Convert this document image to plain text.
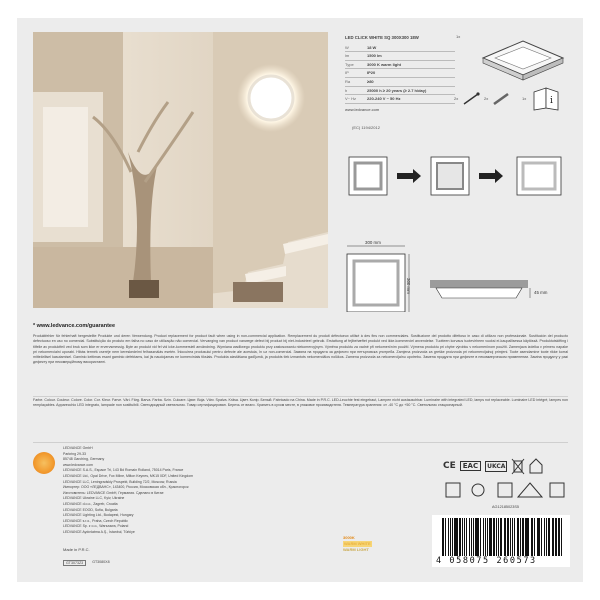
LED CLICK WHITE SQ 300X300 18W
W	18 W
lm	1500 lm
Type	3000 K warm light
IP	IP20
Ra	≥80
h	25000 h ≥ 20 years (≥ 2.7 h/day)
V~ Hz	220-240 V ~ 50 Hz
www.ledvance.com
(EC) 1194/2012
1x
2x	2x	1x	i
300 mm
300 mm	45 mm
* www.ledvance.com/guarantee
Produktfehler für fehlerhaft hergestellte Produkte und deren Verwendung. Product replacement for product fault when using in non-commercial application. Remplacement du produit défectueux utilisé à des fins non commerciales. Sostituzione del prodotto difettoso in caso di utilizzo non professionale. Sustitución del producto defectuoso en uso no comercial. Substituição do produto em falha no caso de utilização não comercial. Vervanging van product vanwege defect bij product bij niet-industrieel gebruik. Erstattung af fejlbehæftet produkt ved ikke-kommerciel anvendelse. Tuotteen korvaus tuotevirheen vuoksi ei-kaupallisessa käytössä. Produktutskifting i tilfelle av produktfeil ved bruk som ikke er ervervsmessig. Byte av produkt vid fel vid icke-kommersiell användning. Wymiana wadliwego produktu przy zastosowaniu niekomercyjnym. Výměna produktu za vadné při nekomerčním použití. Výmena produktu pri chybe výrobku v nekomerčnom použití. Zamenjava izdelka v primeru napake pri nekomercialni uporabi. Hibás termék cseréje nem kereskedelmi felhasználás esetén. Înlocuirea produsului pentru defecte ale acestuia, în uz non-comercial. Замяна на продукта за дефекти при нетърговска употреба. Zamjena proizvoda za greške proizvoda pri nekomercijalnoj primjeni. Toote asendamine toote rikke korral mitteärilisel kasutamisel. Gaminio keitimas esant gaminio defektams, kai jis naudojamas ne komerciniais tikslais. Produkta aizstāšana gadījumā, ja produkts tiek izmantots nekomerciālos nolūkos. Zamena proizvoda za nekomercijalnu upotrebu. Замена продукта при дефекте в некоммерческом применении. Заміна продукту у разі дефекту при некомерційному використанні.
Farbe. Colour. Couleur. Colore. Color. Cor. Kleur. Farve. Väri. Färg. Barva. Farba. Szín. Culoare. Цвят. Boja. Värv. Spalva. Krāsa. Цвет. Колір. Белый. Fabricado na China. Made in P.R.C. LED-Leuchte fest eingebaut, Lampen nicht austauschbar. Luminaire with integrated LED, lamps not replaceable. Luminaire LED intégré, lampes non remplaçables. Apparecchio LED integrato, lampade non sostituibili. Светодиодный светильник. Товар сертифицирован. Беречь от влаги. Хранить в сухом месте, в упаковке производителя. Температура хранения: от -40 °C до +50 °C. Светильник стационарный.
LEDVANCE GmbH
Parkring 29-33
85748 Garching, Germany
www.ledvance.com
LEDVANCE S.A.S., Espace Tri, 143 Bd Romain Rolland, 75014 Paris, France
LEDVANCE Ltd., Opal Drive, Fox Milne, Milton Keynes, MK15 0DF, United Kingdom
LEDVANCE LLC, Leningradskiy Prospekt, Building 72/2, Moscow, Russia
Импортер: ООО «ЛЕДВАНС», 143400, Россия, Московская обл., Красногорск
Изготовитель: LEDVANCE GmbH, Германия. Сделано в Китае
LEDVANCE Ukraine LLC, Kyiv, Ukraine
LEDVANCE d.o.o., Zagreb, Croatia
LEDVANCE EOOD, Sofia, Bulgaria
LEDVANCE Lighting Ltd., Budapest, Hungary
LEDVANCE s.r.o., Praha, Czech Republic
LEDVANCE Sp. z o.o., Warszawa, Poland
LEDVANCE Aydınlatma A.Ş., İstanbul, Türkiye
Made in P.R.C.
GT3073Z3	GT3080X8
3000K
WARM WHITE
WARM LIGHT
CE	EAC	UKCA
AG12185023S5
4 058075 260573
